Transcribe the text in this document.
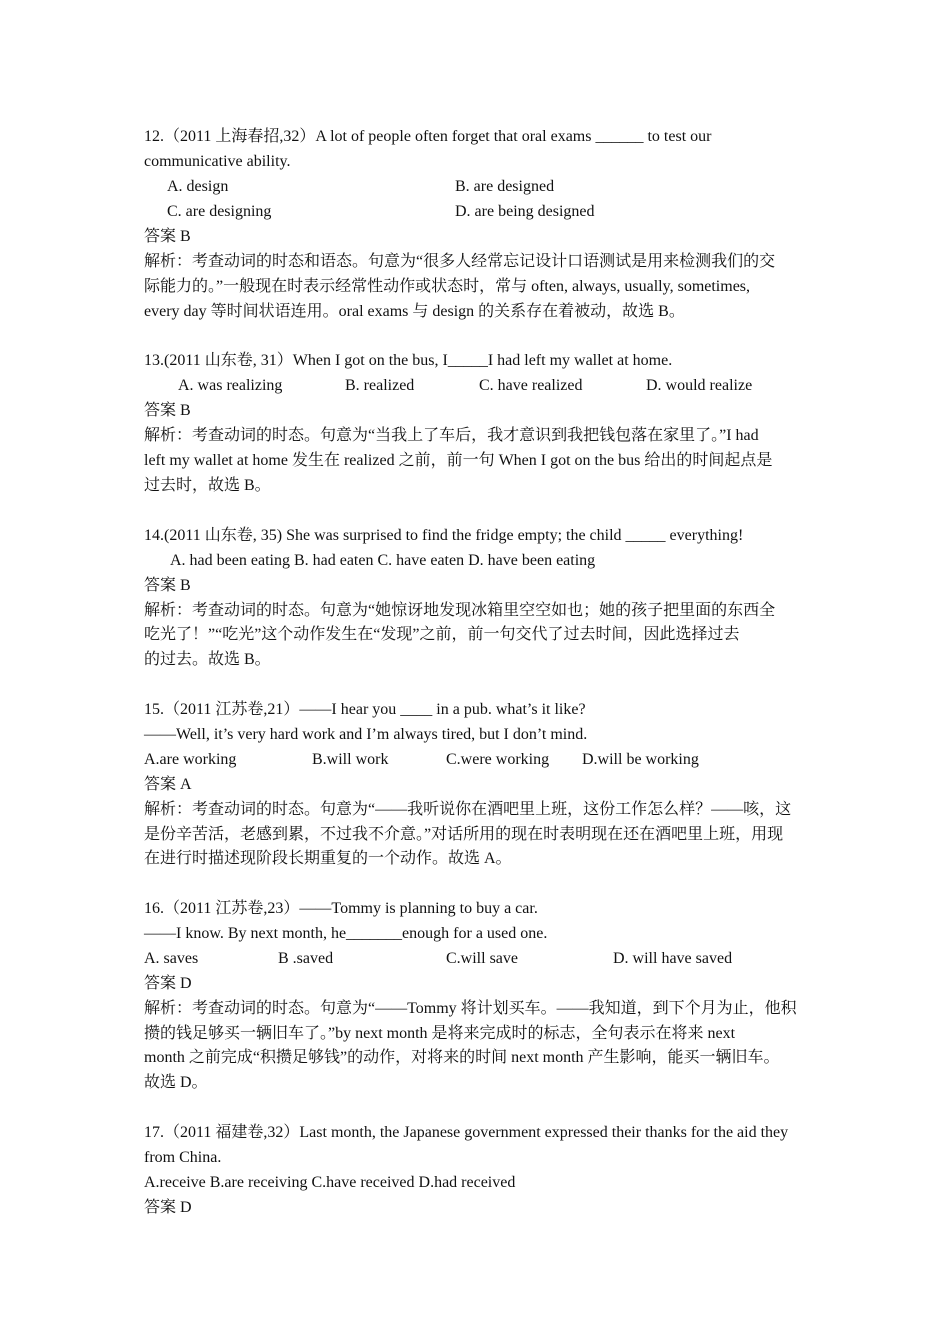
12.（2011 上海春招,32）A lot of people often forget that oral exams ______ to test our
communicative ability.
A. design	B. are designed
C. are designing	D. are being designed
答案 B
解析：考查动词的时态和语态。句意为“很多人经常忘记设计口语测试是用来检测我们的交
际能力的。”一般现在时表示经常性动作或状态时，常与 often, always, usually, sometimes,
every day 等时间状语连用。oral exams 与 design 的关系存在着被动，故选 B。
13.(2011 山东卷, 31）When I got on the bus, I_____I had left my wallet at home.
A. was realizing	B. realized	C. have realized	D. would realize
答案 B
解析：考查动词的时态。句意为“当我上了车后，我才意识到我把钱包落在家里了。”I had
left my wallet at home 发生在 realized 之前，前一句 When I got on the bus 给出的时间起点是
过去时，故选 B。
14.(2011 山东卷, 35) She was surprised to find the fridge empty; the child _____ everything!
A. had been eating B. had eaten C. have eaten D. have been eating
答案 B
解析：考查动词的时态。句意为“她惊讶地发现冰箱里空空如也；她的孩子把里面的东西全
吃光了！”“吃光”这个动作发生在“发现”之前，前一句交代了过去时间，因此选择过去
的过去。故选 B。
15.（2011 江苏卷,21）——I hear you ____ in a pub. what’s it like?
——Well, it’s very hard work and I’m always tired, but I don’t mind.
A.are working	B.will work	C.were working D.will be working
答案 A
解析：考查动词的时态。句意为“——我听说你在酒吧里上班，这份工作怎么样？——咳，这
是份辛苦活，老感到累，不过我不介意。”对话所用的现在时表明现在还在酒吧里上班，用现
在进行时描述现阶段长期重复的一个动作。故选 A。
16.（2011 江苏卷,23）——Tommy is planning to buy a car.
——I know. By next month, he_______enough for a used one.
A. saves	B .saved	C.will save	D. will have saved
答案 D
解析：考查动词的时态。句意为“——Tommy 将计划买车。——我知道，到下个月为止，他积
攒的钱足够买一辆旧车了。”by next month 是将来完成时的标志，全句表示在将来 next
month 之前完成“积攒足够钱”的动作，对将来的时间 next month 产生影响，能买一辆旧车。
故选 D。
17.（2011 福建卷,32）Last month, the Japanese government expressed their thanks for the aid they
from China.
A.receive B.are receiving C.have received D.had received
答案 D
